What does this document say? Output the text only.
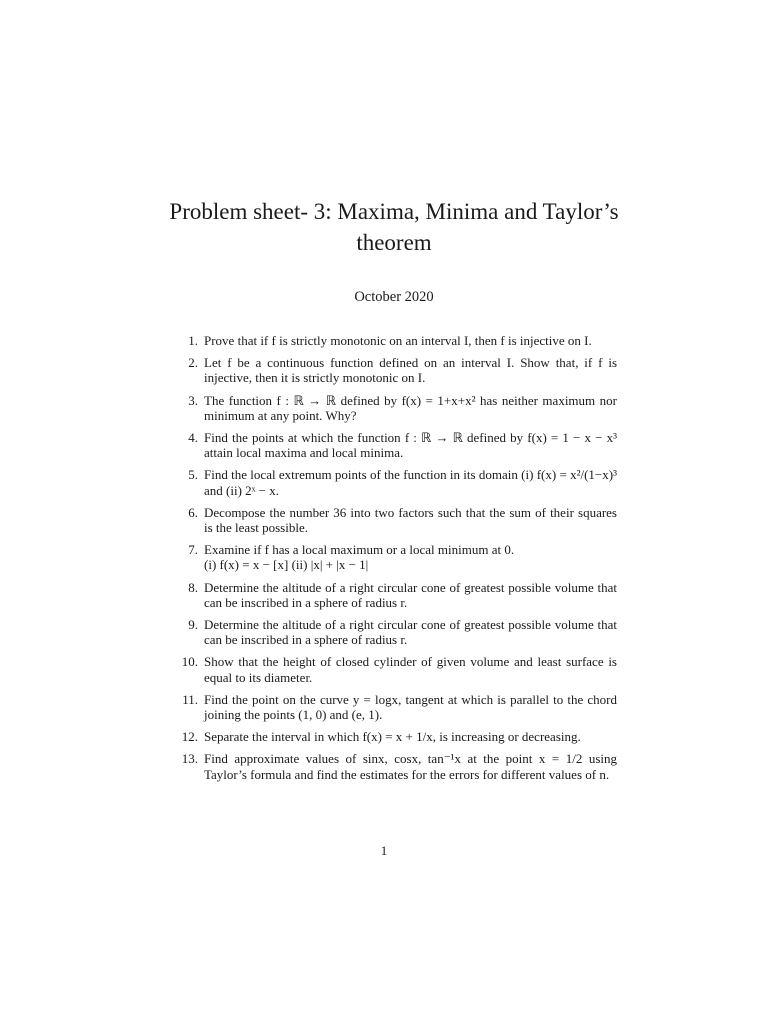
Problem sheet- 3: Maxima, Minima and Taylor’s theorem
October 2020
1. Prove that if f is strictly monotonic on an interval I, then f is injective on I.
2. Let f be a continuous function defined on an interval I. Show that, if f is injective, then it is strictly monotonic on I.
3. The function f : ℝ → ℝ defined by f(x) = 1+x+x² has neither maximum nor minimum at any point. Why?
4. Find the points at which the function f : ℝ → ℝ defined by f(x) = 1 − x − x³ attain local maxima and local minima.
5. Find the local extremum points of the function in its domain (i) f(x) = x²/(1−x)³ and (ii) 2ˣ − x.
6. Decompose the number 36 into two factors such that the sum of their squares is the least possible.
7. Examine if f has a local maximum or a local minimum at 0.
(i) f(x) = x − [x] (ii) |x| + |x − 1|
8. Determine the altitude of a right circular cone of greatest possible volume that can be inscribed in a sphere of radius r.
9. Determine the altitude of a right circular cone of greatest possible volume that can be inscribed in a sphere of radius r.
10. Show that the height of closed cylinder of given volume and least surface is equal to its diameter.
11. Find the point on the curve y = logx, tangent at which is parallel to the chord joining the points (1, 0) and (e, 1).
12. Separate the interval in which f(x) = x + 1/x, is increasing or decreasing.
13. Find approximate values of sinx, cosx, tan⁻¹x at the point x = 1/2 using Taylor’s formula and find the estimates for the errors for different values of n.
1
